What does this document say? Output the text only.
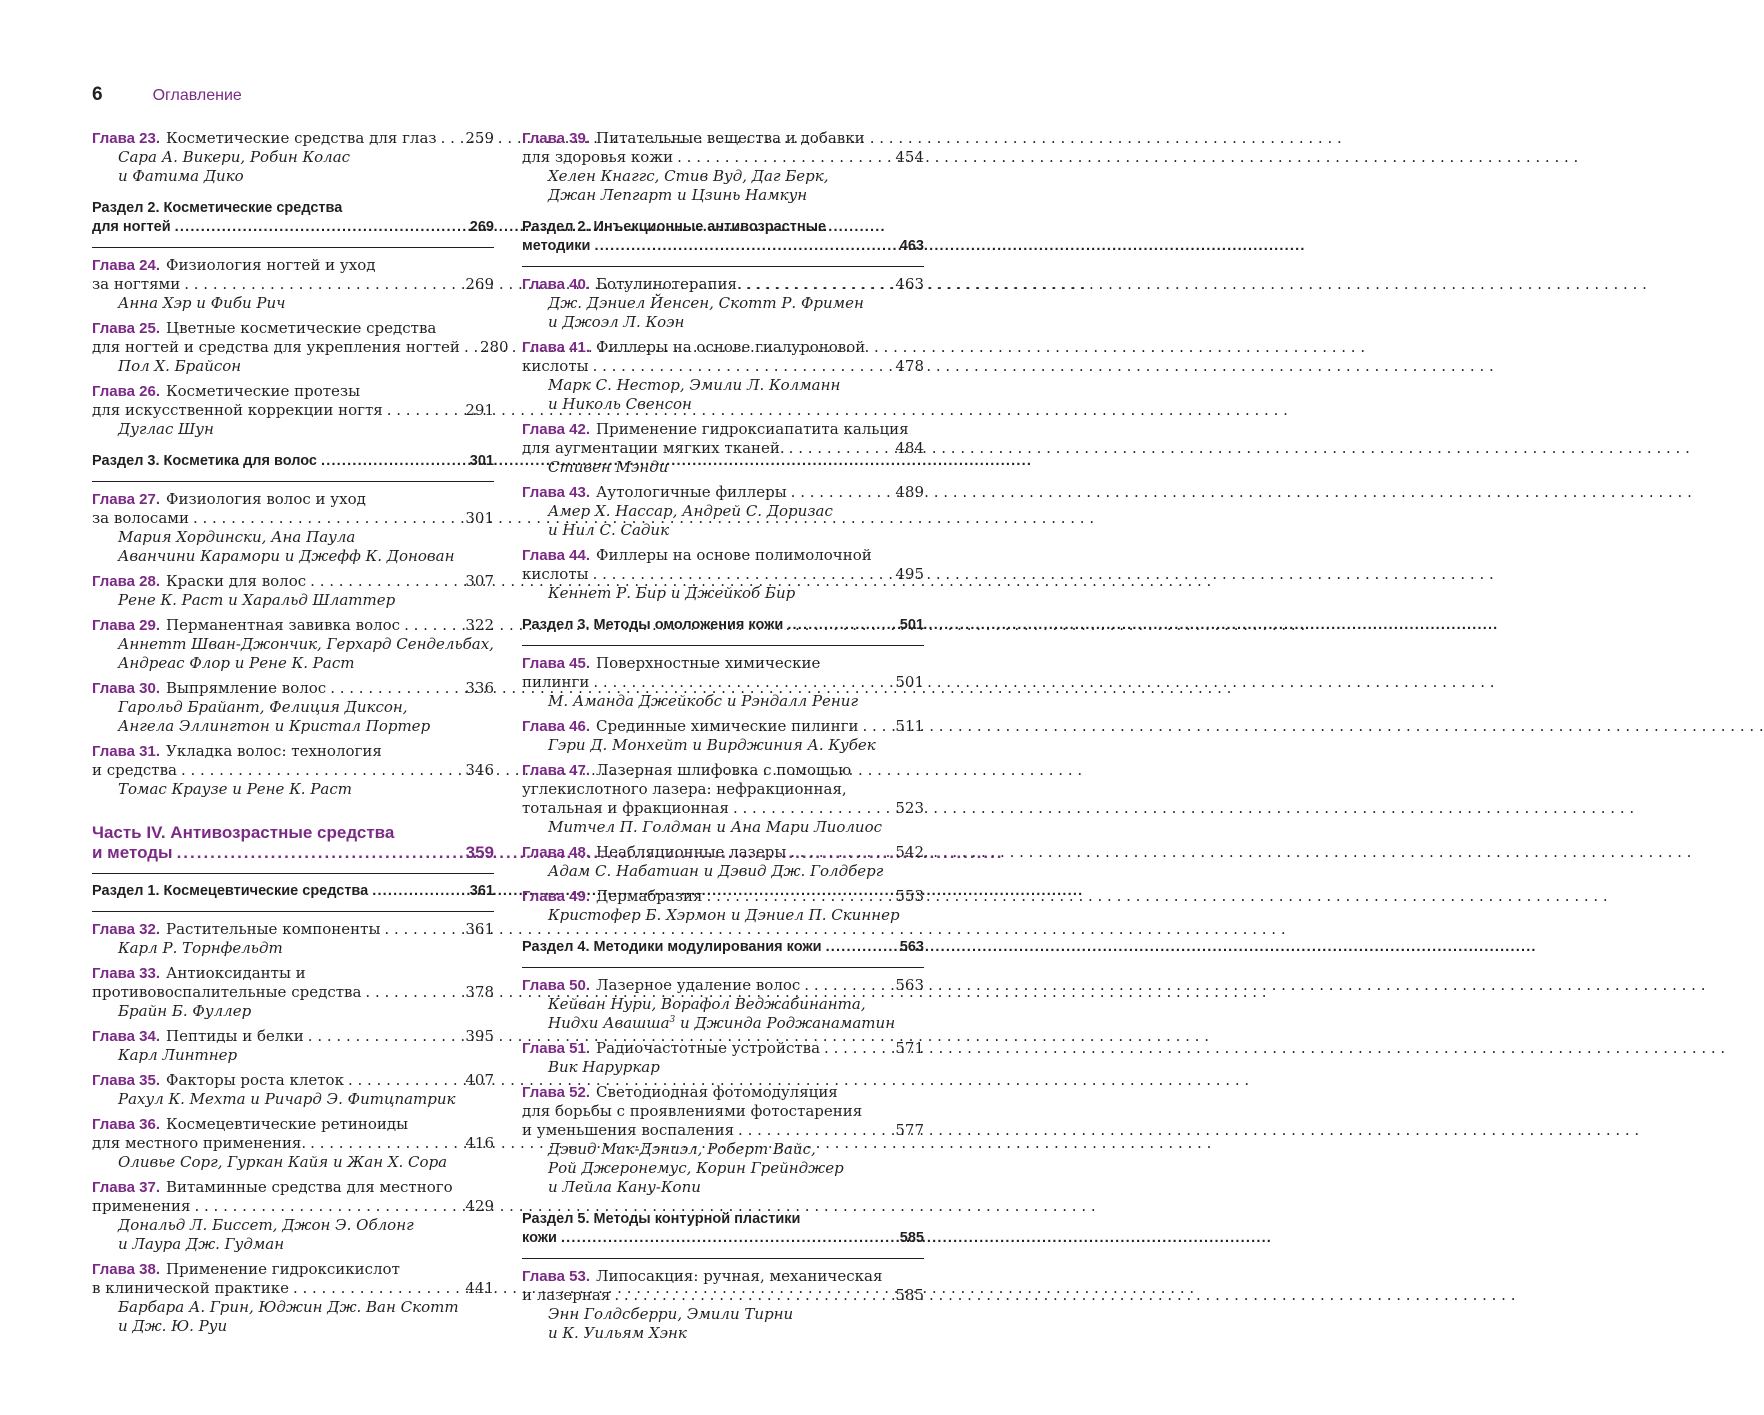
6	Оглавление
Глава 23. Косметические средства для глаз . . . 259
Сара А. Викери, Робин Колас
и Фатима Дико
Раздел 2. Косметические средства
для ногтей .....	269
Глава 24. Физиология ногтей и уход
за ногтями . . .	269
Анна Хэр и Фиби Рич
Глава 25. Цветные косметические средства
для ногтей и средства для укрепления ногтей . . . 280
Пол Х. Брайсон
Глава 26. Косметические протезы
для искусственной коррекции ногтя . . .	291
Дуглас Шун
Раздел 3. Косметика для волос .....	301
Глава 27. Физиология волос и уход
за волосами . . .	301
Мария Хордински, Ана Паула
Аванчини Карамори и Джефф К. Донован
Глава 28. Краски для волос . . .	307
Рене К. Раст и Харальд Шлаттер
Глава 29. Перманентная завивка волос . . .	322
Аннетт Шван-Джончик, Герхард Сендельбах,
Андреас Флор и Рене К. Раст
Глава 30. Выпрямление волос . . .	336
Гарольд Брайант, Фелиция Диксон,
Ангела Эллингтон и Кристал Портер
Глава 31. Укладка волос: технология
и средства . . .	346
Томас Краузе и Рене К. Раст
Часть IV. Антивозрастные средства
и методы .....	359
Раздел 1. Космецевтические средства .....	361
Глава 32. Растительные компоненты . . .	361
Карл Р. Торнфельдт
Глава 33. Антиоксиданты и
противовоспалительные средства . . .	378
Брайн Б. Фуллер
Глава 34. Пептиды и белки . . .	395
Карл Линтнер
Глава 35. Факторы роста клеток . . .	407
Рахул К. Мехта и Ричард Э. Фитцпатрик
Глава 36. Космецевтические ретиноиды
для местного применения. . . .	416
Оливье Сорг, Гуркан Кайя и Жан Х. Сора
Глава 37. Витаминные средства для местного
применения . . .	429
Дональд Л. Биссет, Джон Э. Облонг
и Лаура Дж. Гудман
Глава 38. Применение гидроксикислот
в клинической практике . . .	441
Барбара А. Грин, Юджин Дж. Ван Скотт
и Дж. Ю. Руи
Глава 39. Питательные вещества и добавки
для здоровья кожи . . .	454
Хелен Кнаггс, Стив Вуд, Даг Берк,
Джан Лепгарт и Цзинь Намкун
Раздел 2. Инъекционные антивозрастные
методики .....	463
Глава 40. Ботулинотерапия. . . .	463
Дж. Дэниел Йенсен, Скотт Р. Фримен
и Джоэл Л. Коэн
Глава 41. Филлеры на основе гиалуроновой
кислоты . . .	478
Марк С. Нестор, Эмили Л. Колманн
и Николь Свенсон
Глава 42. Применение гидроксиапатита кальция
для аугментации мягких тканей. . . .	484
Стивен Мэнди
Глава 43. Аутологичные филлеры . . .	489
Амер Х. Нассар, Андрей С. Доризас
и Нил С. Садик
Глава 44. Филлеры на основе полимолочной
кислоты . . .	495
Кеннет Р. Бир и Джейкоб Бир
Раздел 3. Методы омоложения кожи .....	501
Глава 45. Поверхностные химические
пилинги . . .	501
М. Аманда Джейкобс и Рэндалл Рениг
Глава 46. Срединные химические пилинги . . . 511
Гэри Д. Монхейт и Вирджиния А. Кубек
Глава 47. Лазерная шлифовка с помощью
углекислотного лазера: нефракционная,
тотальная и фракционная . . .	523
Митчел П. Голдман и Ана Мари Лиолиос
Глава 48. Неабляционные лазеры . . .	542
Адам С. Набатиан и Дэвид Дж. Голдберг
Глава 49. Дермабразия . . .	553
Кристофер Б. Хэрмон и Дэниел П. Скиннер
Раздел 4. Методики модулирования кожи .....	563
Глава 50. Лазерное удаление волос . . .	563
Кейван Нури, Ворафол Веджабинанта,
Нидхи Авашша$^3$ и Джинда Роджанаматин
Глава 51. Радиочастотные устройства . . .	571
Вик Наруркар
Глава 52. Светодиодная фотомодуляция
для борьбы с проявлениями фотостарения
и уменьшения воспаления . . .	577
Дэвид Мак-Дэниэл, Роберт Вайс,
Рой Джеронемус, Корин Грейнджер
и Лейла Кану-Копи
Раздел 5. Методы контурной пластики
кожи .....	585
Глава 53. Липосакция: ручная, механическая
и лазерная . . .	585
Энн Голдсберри, Эмили Тирни
и К. Уильям Хэнк
